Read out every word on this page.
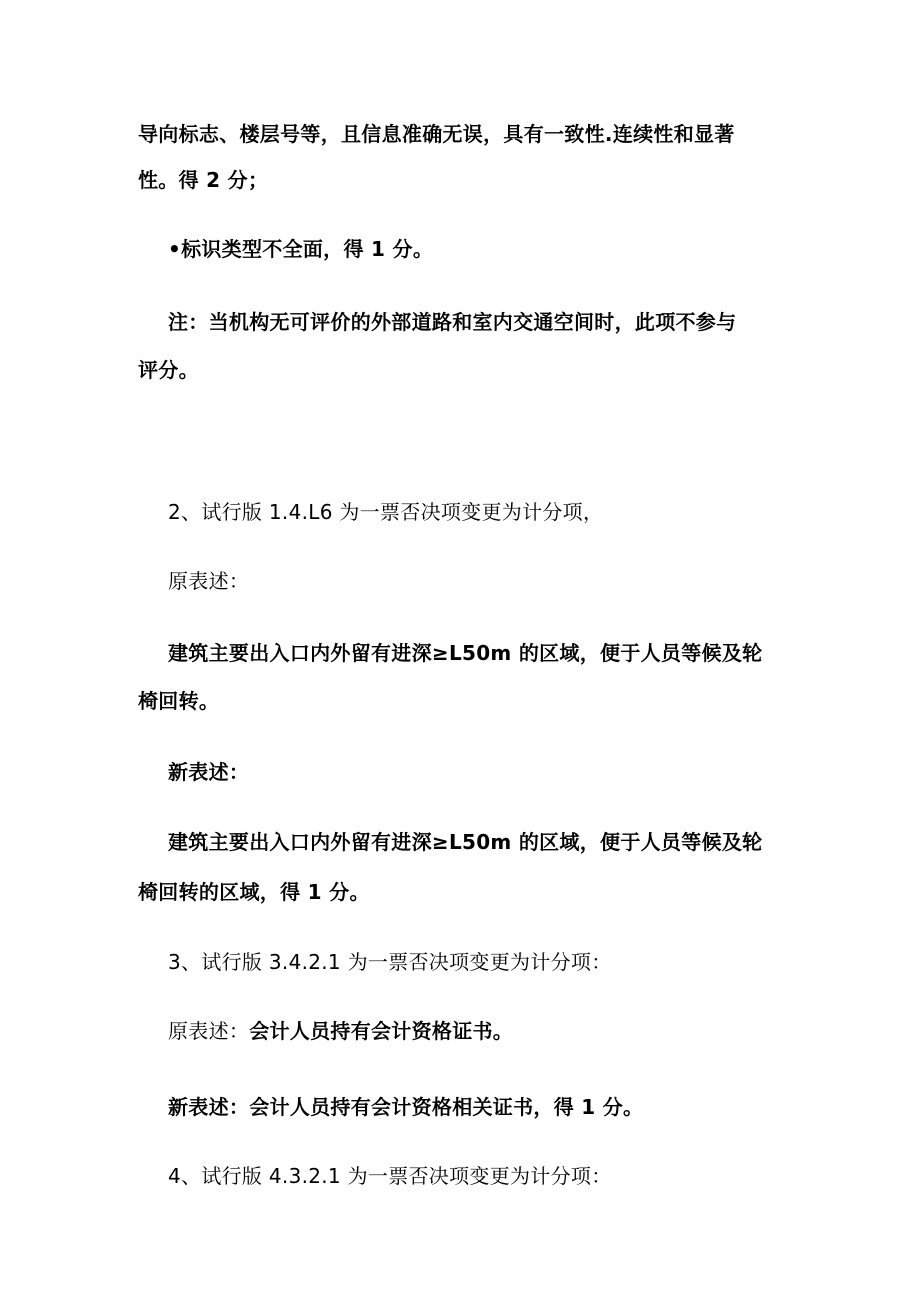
导向标志、楼层号等，且信息准确无误，具有一致性.连续性和显著

性。得 2 分；

•标识类型不全面，得 1 分。

注：当机构无可评价的外部道路和室内交通空间时，此项不参与

评分。

2、试行版 1.4.L6 为一票否决项变更为计分项，

原表述：

建筑主要出入口内外留有进深≥L50m 的区域，便于人员等候及轮

椅回转。

新表述：

建筑主要出入口内外留有进深≥L50m 的区域，便于人员等候及轮

椅回转的区域，得 1 分。

3、试行版 3.4.2.1 为一票否决项变更为计分项：

原表述：会计人员持有会计资格证书。

新表述：会计人员持有会计资格相关证书，得 1 分。

4、试行版 4.3.2.1 为一票否决项变更为计分项：
